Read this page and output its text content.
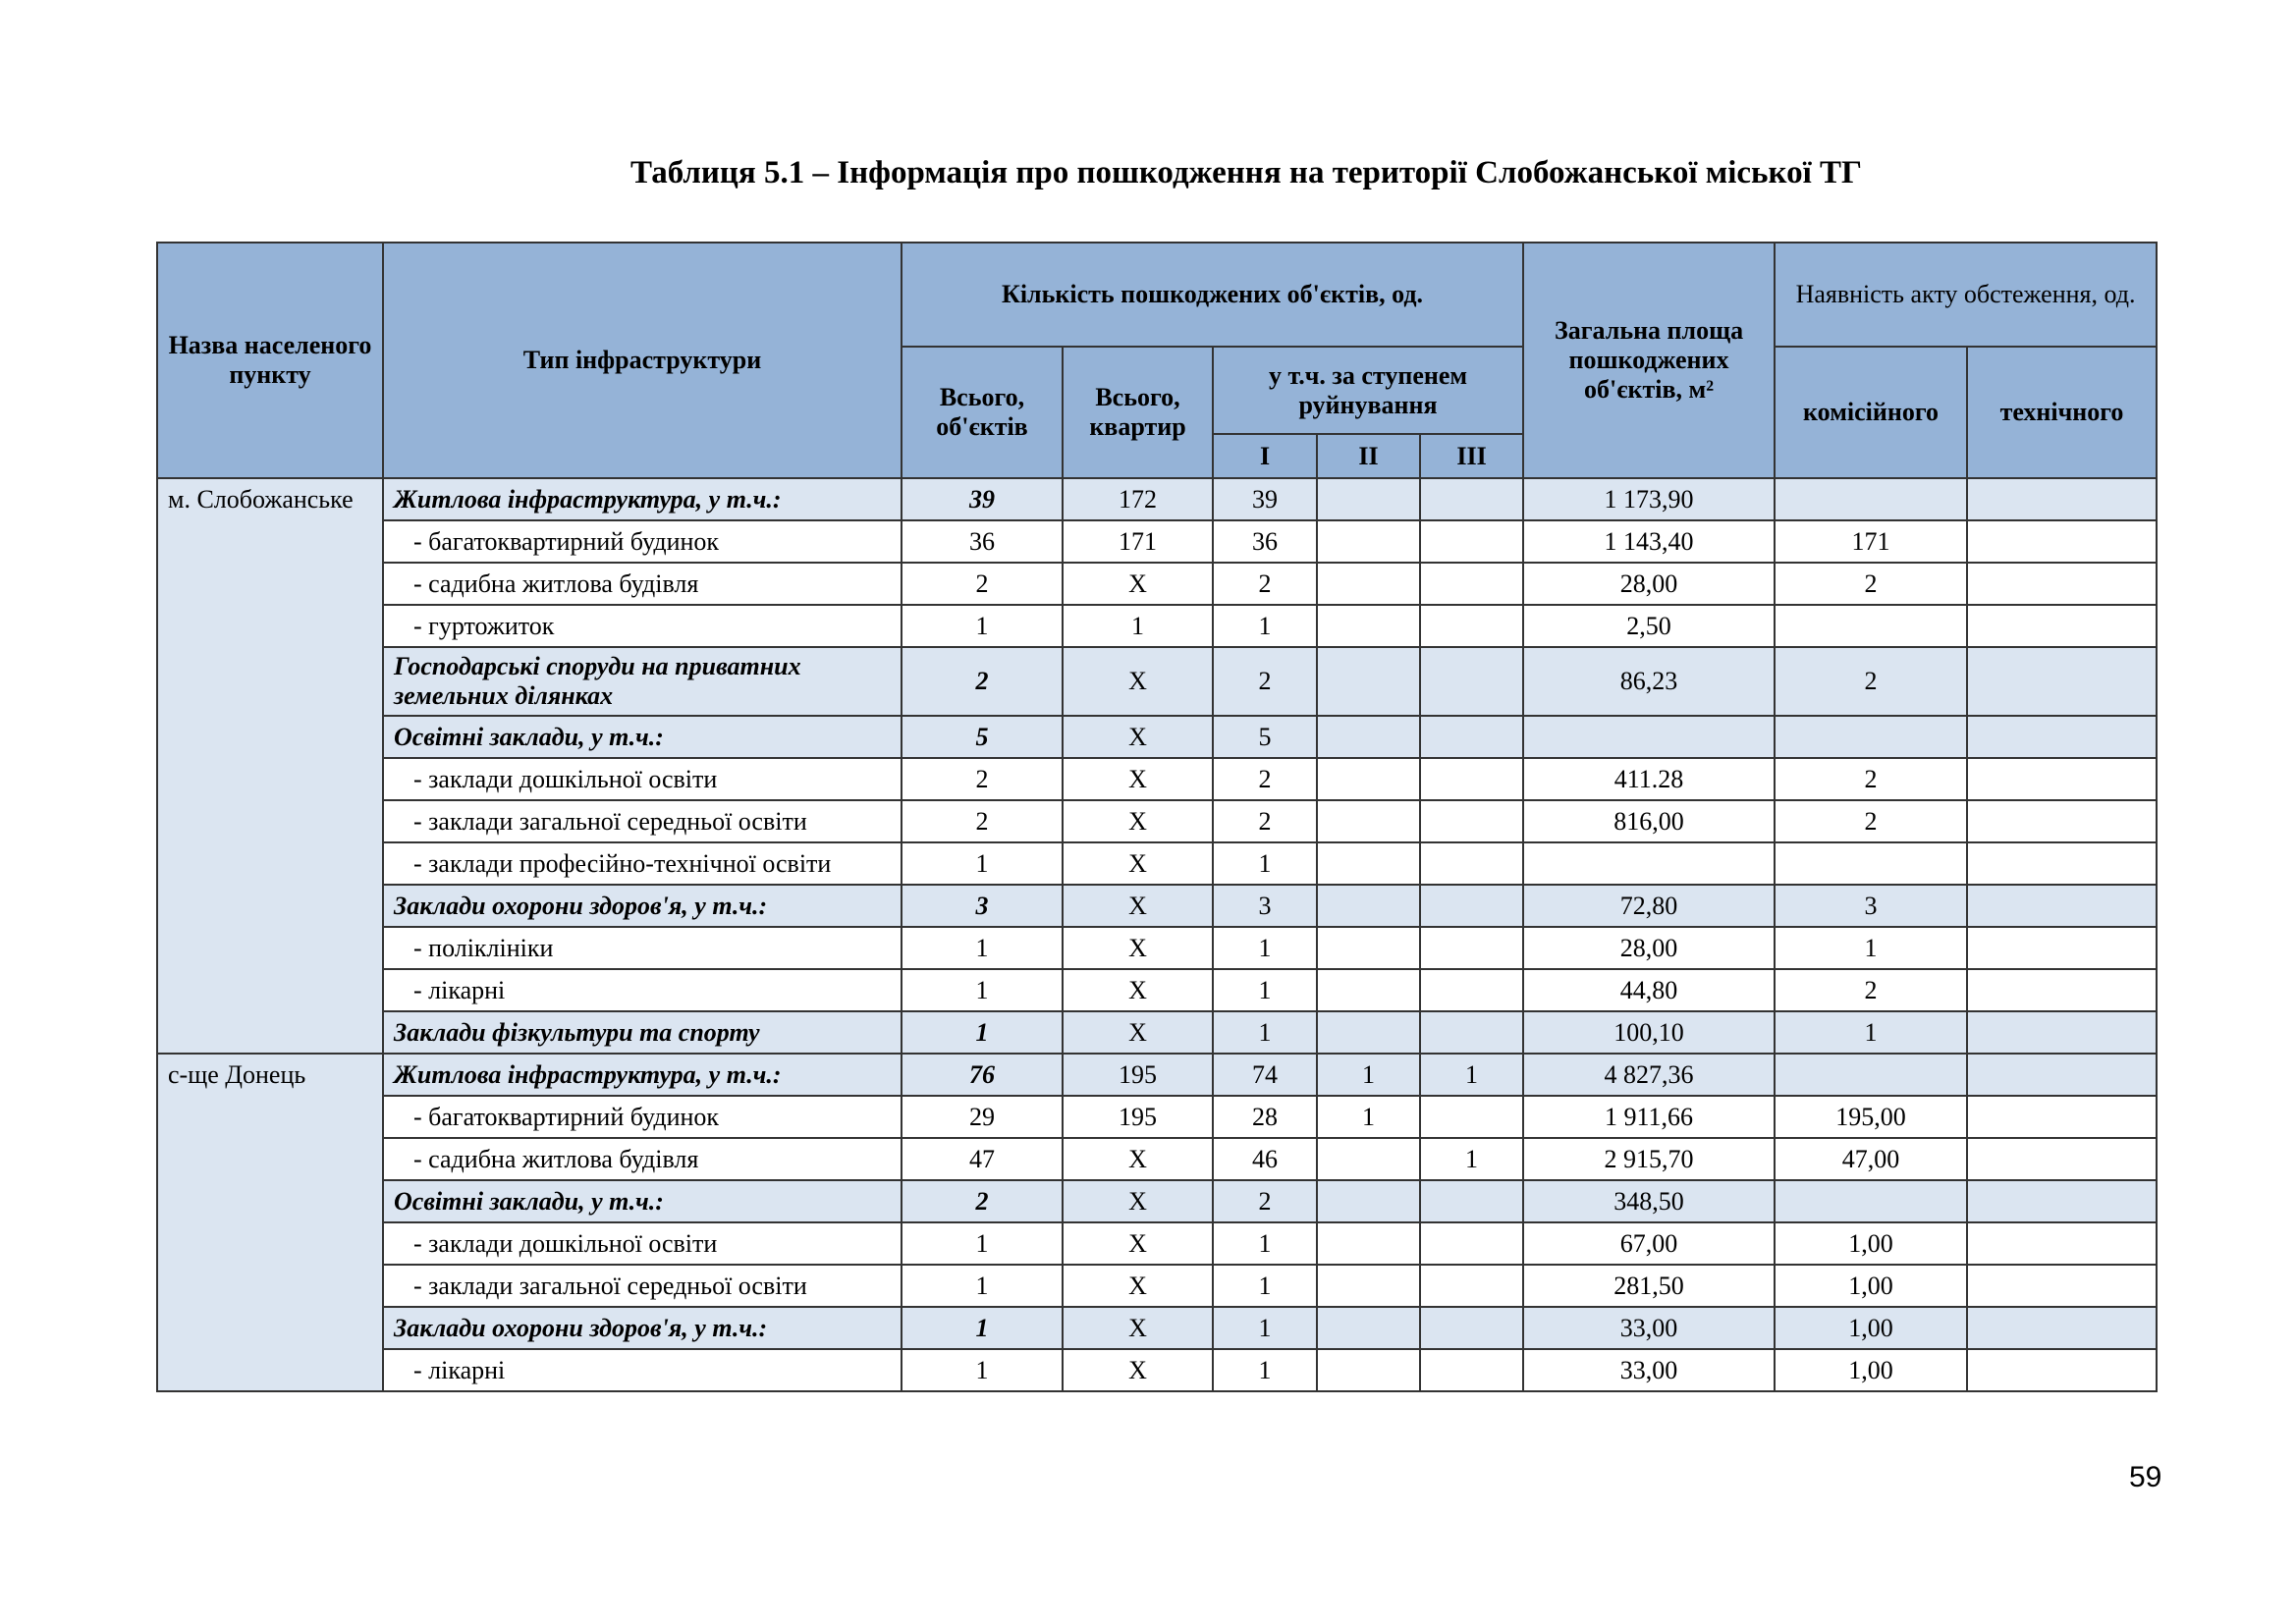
Таблиця 5.1 – Інформація про пошкодження на території Слобожанської міської ТГ
Назва населеного пункту	Тип інфраструктури	Кількість пошкоджених об'єктів, од.					Загальна площа пошкоджених об'єктів, м²	Наявність акту обстеження, од.	
		Всього, об'єктів	Всього, квартир	у т.ч. за ступенем руйнування				комісійного	технічного
				І	ІІ	ІІІ			
м. Слобожанське	Житлова інфраструктура, у т.ч.:	39	172	39			1 173,90		
	- багатоквартирний будинок	36	171	36			1 143,40	171	
	- садибна житлова будівля	2	Х	2			28,00	2	
	- гуртожиток	1	1	1			2,50		
	Господарські споруди на приватних земельних ділянках	2	Х	2			86,23	2	
	Освітні заклади, у т.ч.:	5	Х	5					
	- заклади дошкільної освіти	2	Х	2			411.28	2	
	- заклади загальної середньої освіти	2	Х	2			816,00	2	
	- заклади професійно-технічної освіти	1	Х	1					
	Заклади охорони здоров'я, у т.ч.:	3	Х	3			72,80	3	
	- поліклініки	1	Х	1			28,00	1	
	- лікарні	1	Х	1			44,80	2	
	Заклади фізкультури та спорту	1	Х	1			100,10	1	
с-ще Донець	Житлова інфраструктура, у т.ч.:	76	195	74	1	1	4 827,36		
	- багатоквартирний будинок	29	195	28	1		1 911,66	195,00	
	- садибна житлова будівля	47	Х	46		1	2 915,70	47,00	
	Освітні заклади, у т.ч.:	2	Х	2			348,50		
	- заклади дошкільної освіти	1	Х	1			67,00	1,00	
	- заклади загальної середньої освіти	1	Х	1			281,50	1,00	
	Заклади охорони здоров'я, у т.ч.:	1	Х	1			33,00	1,00	
	- лікарні	1	Х	1			33,00	1,00	
59
